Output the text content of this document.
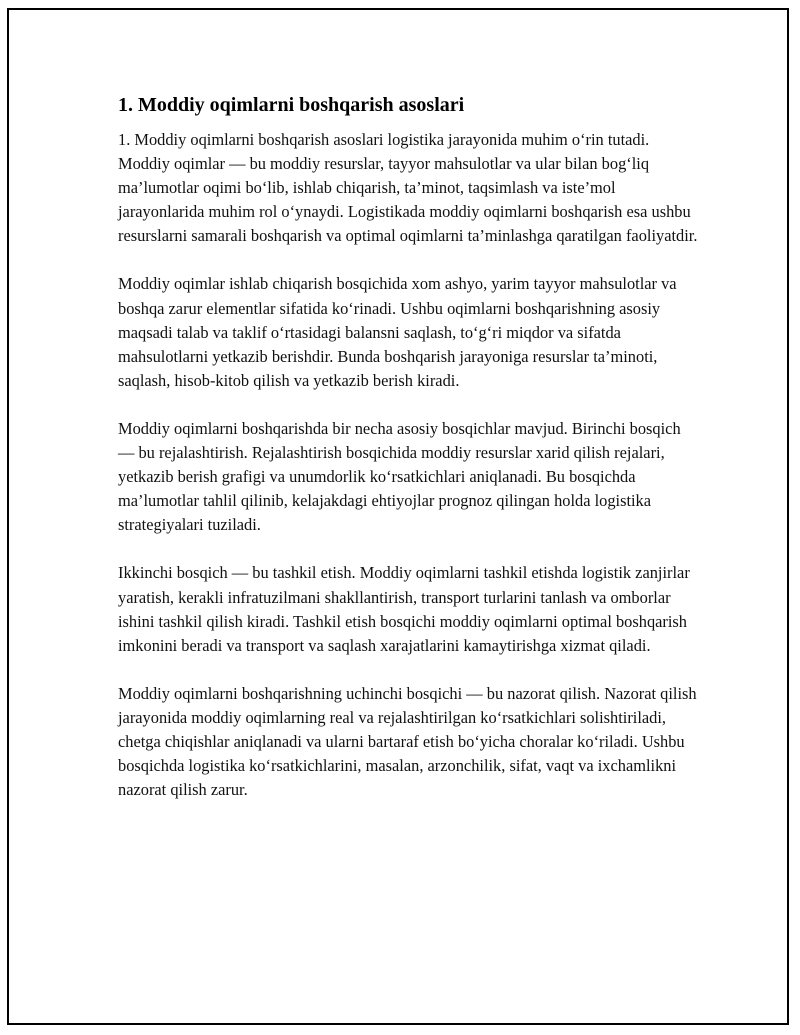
1. Moddiy oqimlarni boshqarish asoslari

1. Moddiy oqimlarni boshqarish asoslari logistika jarayonida muhim o‘rin tutadi. Moddiy oqimlar — bu moddiy resurslar, tayyor mahsulotlar va ular bilan bog‘liq ma’lumotlar oqimi bo‘lib, ishlab chiqarish, ta’minot, taqsimlash va iste’mol jarayonlarida muhim rol o‘ynaydi. Logistikada moddiy oqimlarni boshqarish esa ushbu resurslarni samarali boshqarish va optimal oqimlarni ta’minlashga qaratilgan faoliyatdir.

Moddiy oqimlar ishlab chiqarish bosqichida xom ashyo, yarim tayyor mahsulotlar va boshqa zarur elementlar sifatida ko‘rinadi. Ushbu oqimlarni boshqarishning asosiy maqsadi talab va taklif o‘rtasidagi balansni saqlash, to‘g‘ri miqdor va sifatda mahsulotlarni yetkazib berishdir. Bunda boshqarish jarayoniga resurslar ta’minoti, saqlash, hisob-kitob qilish va yetkazib berish kiradi.

Moddiy oqimlarni boshqarishda bir necha asosiy bosqichlar mavjud. Birinchi bosqich — bu rejalashtirish. Rejalashtirish bosqichida moddiy resurslar xarid qilish rejalari, yetkazib berish grafigi va unumdorlik ko‘rsatkichlari aniqlanadi. Bu bosqichda ma’lumotlar tahlil qilinib, kelajakdagi ehtiyojlar prognoz qilingan holda logistika strategiyalari tuziladi.

Ikkinchi bosqich — bu tashkil etish. Moddiy oqimlarni tashkil etishda logistik zanjirlar yaratish, kerakli infratuzilmani shakllantirish, transport turlarini tanlash va omborlar ishini tashkil qilish kiradi. Tashkil etish bosqichi moddiy oqimlarni optimal boshqarish imkonini beradi va transport va saqlash xarajatlarini kamaytirishga xizmat qiladi.

Moddiy oqimlarni boshqarishning uchinchi bosqichi — bu nazorat qilish. Nazorat qilish jarayonida moddiy oqimlarning real va rejalashtirilgan ko‘rsatkichlari solishtiriladi, chetga chiqishlar aniqlanadi va ularni bartaraf etish bo‘yicha choralar ko‘riladi. Ushbu bosqichda logistika ko‘rsatkichlarini, masalan, arzonchilik, sifat, vaqt va ixchamlikni nazorat qilish zarur.
